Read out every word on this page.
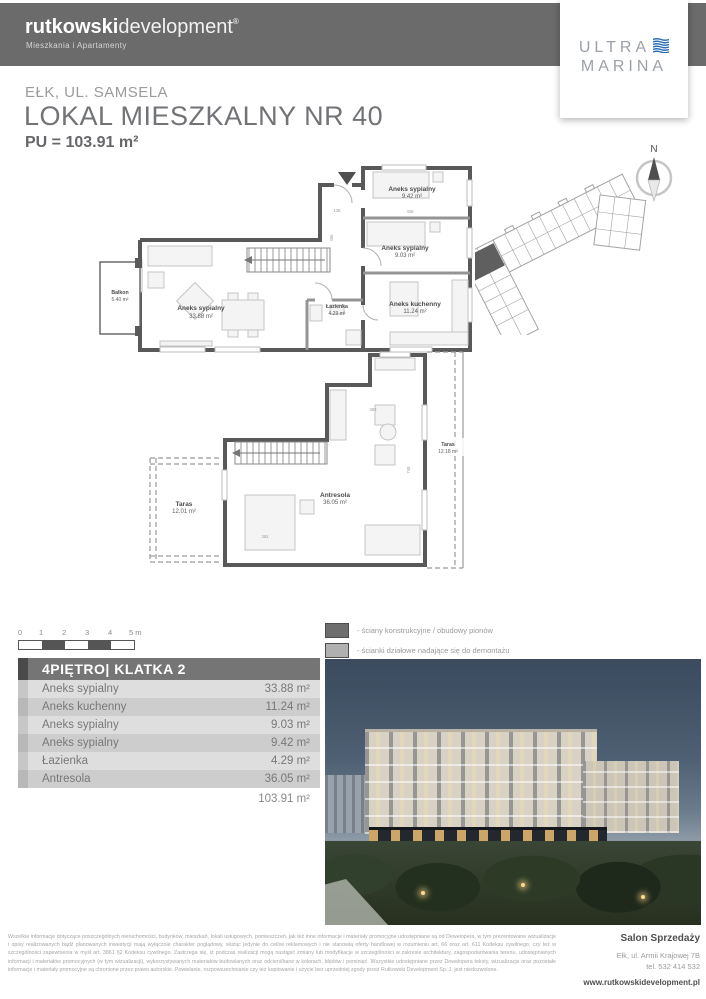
rutkowskidevelopment®
Mieszkania i Apartamenty	ULTRA
MARINA
EŁK, UL. SAMSELA
LOKAL MIESZKALNY NR 40
PU = 103.91 m²
Balkon
5.40 m²
Aneks sypialny
33.88 m²
Aneks sypialny
9.42 m²
Aneks sypialny
9.03 m²
Aneks kuchenny
11.24 m²
Łazienka
4.29 m²
135	426
456
Taras
12.01 m²
Antresola
36.05 m²
Taras
12.18 m²
383
748
362
N
0 1	2	3	4 5 m	- ściany konstrukcyjne / obudowy pionów
- ścianki działowe nadające się do demontażu
4PIĘTRO| KLATKA 2
Aneks sypialny	33.88 m²
Aneks kuchenny	11.24 m²
Aneks sypialny	9.03 m²
Aneks sypialny	9.42 m²
Łazienka	4.29 m²
Antresola	36.05 m²
103.91 m²
Wszelkie informacje dotyczące poszczególnych nieruchomości, budynków, mieszkań, lokali usługowych, pomieszczeń, jak też inne informacje i materiały promocyjne udostępniane są od Dewelopera, w tym prezentowane wizualizacje i opisy realizowanych bądź planowanych inwestycji mają wyłącznie charakter poglądowy, służąc jedynie do celów reklamowych i nie stanowią oferty handlowej w rozumieniu art. 66 oraz art. 611 Kodeksu cywilnego, czy też w szczególności zapewnienia w myśl art. 3861 §2 Kodeksu cywilnego. Zastrzega się, iż podczas realizacji mogą nastąpić zmiany lub modyfikacje w szczególności w zakresie architektury, zagospodarowania terenu, udostępnianych informacji i materiałów promocyjnych (w tym wizualizacji), wykorzystywanych materiałów budowlanych oraz odcieni/barw w kolorach, błędów i pominięć. Wszystkie udostępniane przez Dewelopera teksty, wizualizacje oraz pozostałe informacje i materiały promocyjne są chronione przez prawo autorskie. Powielanie, rozpowszechnianie czy też kopiowanie i użycie bez uprzedniej zgody przez Rutkowski Development Sp. J. jest niedozwolone.
Salon Sprzedaży
Ełk, ul. Armii Krajowej 7B
tel. 532 414 532
www.rutkowskidevelopment.pl
